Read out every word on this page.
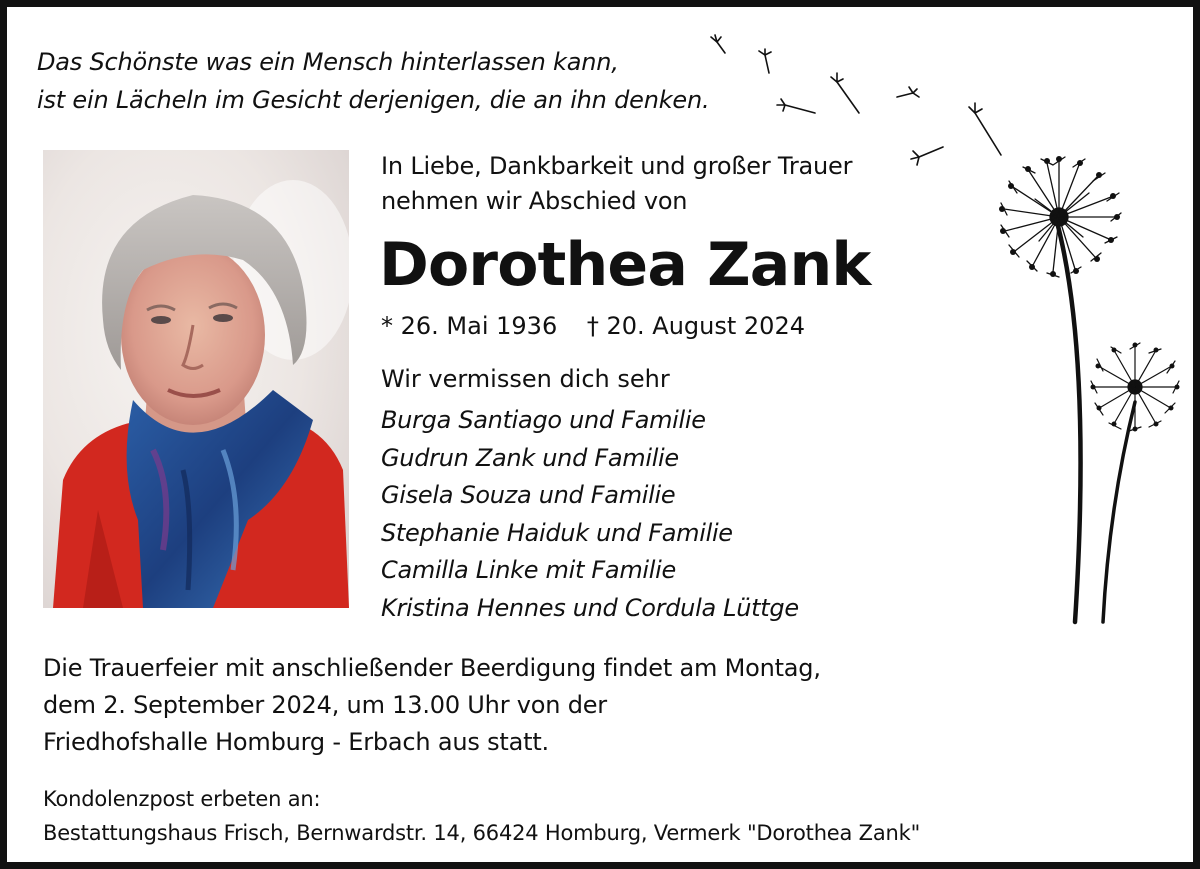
Das Schönste was ein Mensch hinterlassen kann,
ist ein Lächeln im Gesicht derjenigen, die an ihn denken.
In Liebe, Dankbarkeit und großer Trauer
nehmen wir Abschied von
Dorothea Zank
* 26. Mai 1936 † 20. August 2024
Wir vermissen dich sehr
Burga Santiago und Familie
Gudrun Zank und Familie
Gisela Souza und Familie
Stephanie Haiduk und Familie
Camilla Linke mit Familie
Kristina Hennes und Cordula Lüttge
Die Trauerfeier mit anschließender Beerdigung findet am Montag,
dem 2. September 2024, um 13.00 Uhr von der
Friedhofshalle Homburg - Erbach aus statt.
Kondolenzpost erbeten an:
Bestattungshaus Frisch, Bernwardstr. 14, 66424 Homburg, Vermerk "Dorothea Zank"
